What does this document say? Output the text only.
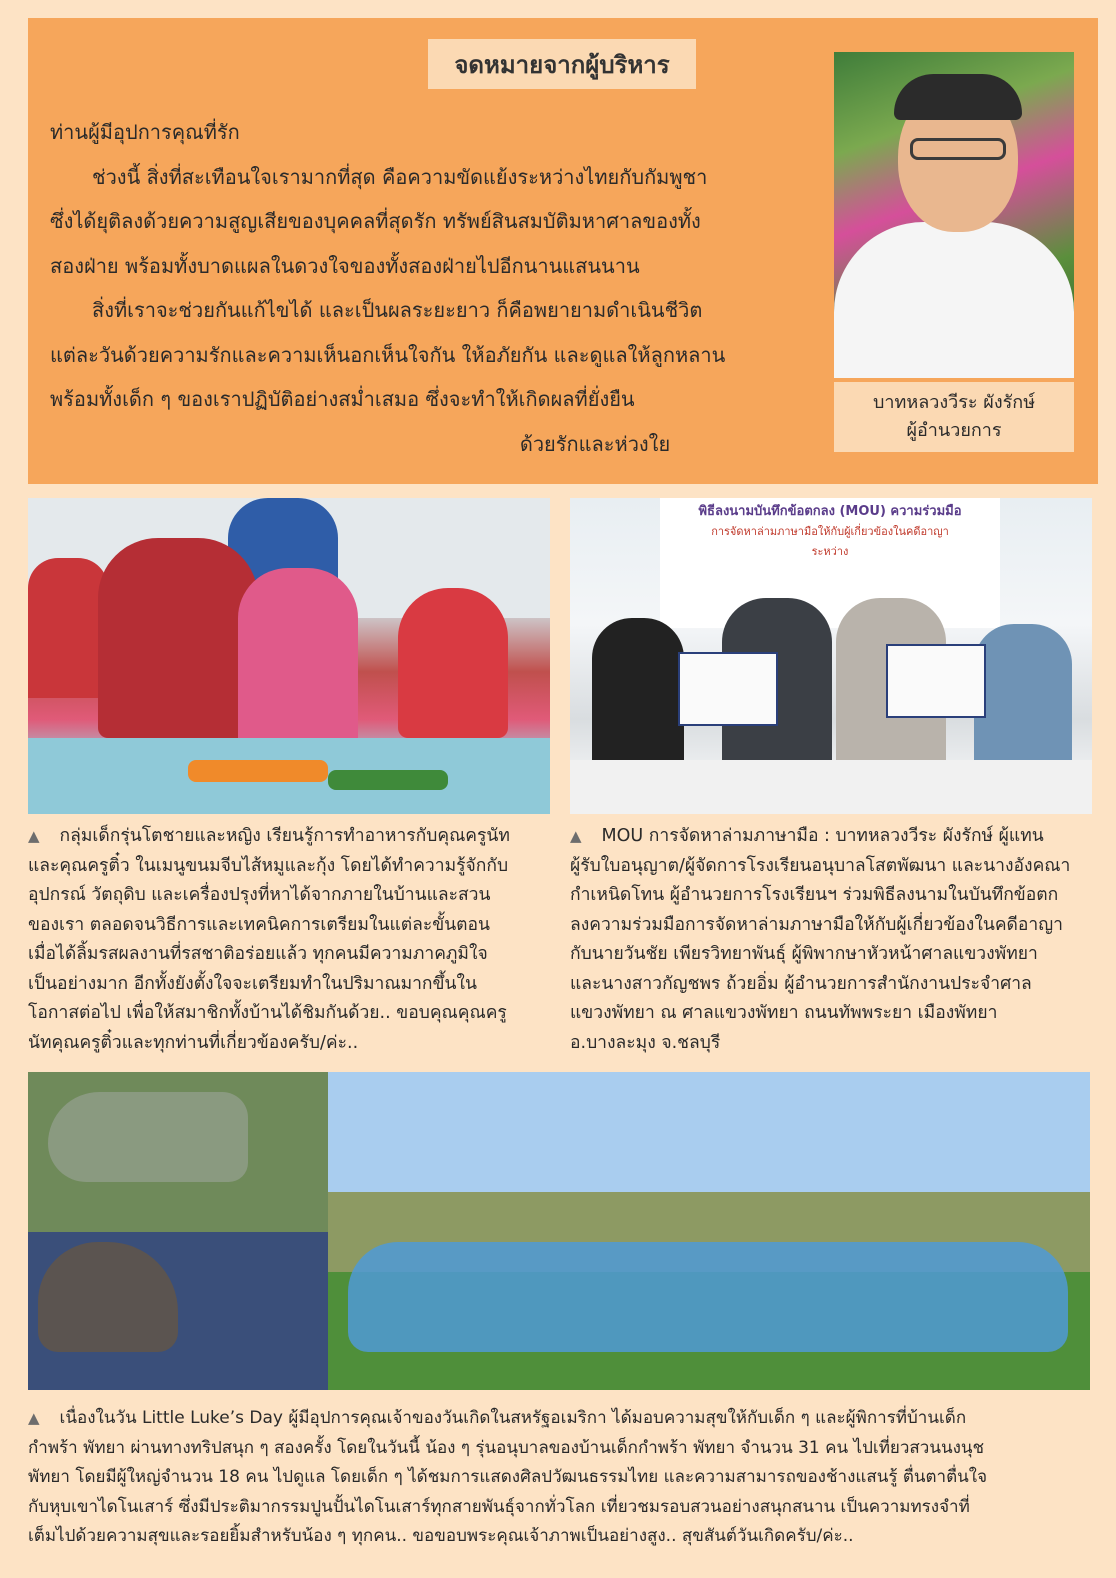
จดหมายจากผู้บริหาร

ท่านผู้มีอุปการคุณที่รัก

ช่วงนี้ สิ่งที่สะเทือนใจเรามากที่สุด คือความขัดแย้งระหว่างไทยกับกัมพูชา

ซึ่งได้ยุติลงด้วยความสูญเสียของบุคคลที่สุดรัก ทรัพย์สินสมบัติมหาศาลของทั้ง

สองฝ่าย พร้อมทั้งบาดแผลในดวงใจของทั้งสองฝ่ายไปอีกนานแสนนาน

สิ่งที่เราจะช่วยกันแก้ไขได้ และเป็นผลระยะยาว ก็คือพยายามดำเนินชีวิต

แต่ละวันด้วยความรักและความเห็นอกเห็นใจกัน ให้อภัยกัน และดูแลให้ลูกหลาน

พร้อมทั้งเด็ก ๆ ของเราปฏิบัติอย่างสม่ำเสมอ ซึ่งจะทำให้เกิดผลที่ยั่งยืน

ด้วยรักและห่วงใย

บาทหลวงวีระ ผังรักษ์
ผู้อำนวยการ
พิธีลงนามบันทึกข้อตกลง (MOU) ความร่วมมือ
การจัดหาล่ามภาษามือให้กับผู้เกี่ยวข้องในคดีอาญา
ระหว่าง

▲ กลุ่มเด็กรุ่นโตชายและหญิง เรียนรู้การทำอาหารกับคุณครูนัท

และคุณครูติ๋ว ในเมนูขนมจีบไส้หมูและกุ้ง โดยได้ทำความรู้จักกับ

อุปกรณ์ วัตถุดิบ และเครื่องปรุงที่หาได้จากภายในบ้านและสวน

ของเรา ตลอดจนวิธีการและเทคนิคการเตรียมในแต่ละขั้นตอน

เมื่อได้ลิ้มรสผลงานที่รสชาติอร่อยแล้ว ทุกคนมีความภาคภูมิใจ

เป็นอย่างมาก อีกทั้งยังตั้งใจจะเตรียมทำในปริมาณมากขึ้นใน

โอกาสต่อไป เพื่อให้สมาชิกทั้งบ้านได้ชิมกันด้วย.. ขอบคุณคุณครู

นัทคุณครูติ๋วและทุกท่านที่เกี่ยวข้องครับ/ค่ะ..

▲ MOU การจัดหาล่ามภาษามือ : บาทหลวงวีระ ผังรักษ์ ผู้แทน

ผู้รับใบอนุญาต/ผู้จัดการโรงเรียนอนุบาลโสตพัฒนา และนางอังคณา

กำเหนิดโทน ผู้อำนวยการโรงเรียนฯ ร่วมพิธีลงนามในบันทึกข้อตก

ลงความร่วมมือการจัดหาล่ามภาษามือให้กับผู้เกี่ยวข้องในคดีอาญา

กับนายวันชัย เพียรวิทยาพันธุ์ ผู้พิพากษาหัวหน้าศาลแขวงพัทยา

และนางสาวกัญชพร ถ้วยอิ่ม ผู้อำนวยการสำนักงานประจำศาล

แขวงพัทยา ณ ศาลแขวงพัทยา ถนนทัพพระยา เมืองพัทยา

อ.บางละมุง จ.ชลบุรี

▲ เนื่องในวัน Little Luke’s Day ผู้มีอุปการคุณเจ้าของวันเกิดในสหรัฐอเมริกา ได้มอบความสุขให้กับเด็ก ๆ และผู้พิการที่บ้านเด็ก

กำพร้า พัทยา ผ่านทางทริปสนุก ๆ สองครั้ง โดยในวันนี้ น้อง ๆ รุ่นอนุบาลของบ้านเด็กกำพร้า พัทยา จำนวน 31 คน ไปเที่ยวสวนนงนุช

พัทยา โดยมีผู้ใหญ่จำนวน 18 คน ไปดูแล โดยเด็ก ๆ ได้ชมการแสดงศิลปวัฒนธรรมไทย และความสามารถของช้างแสนรู้ ตื่นตาตื่นใจ

กับหุบเขาไดโนเสาร์ ซึ่งมีประติมากรรมปูนปั้นไดโนเสาร์ทุกสายพันธุ์จากทั่วโลก เที่ยวชมรอบสวนอย่างสนุกสนาน เป็นความทรงจำที่

เต็มไปด้วยความสุขและรอยยิ้มสำหรับน้อง ๆ ทุกคน.. ขอขอบพระคุณเจ้าภาพเป็นอย่างสูง.. สุขสันต์วันเกิดครับ/ค่ะ..
